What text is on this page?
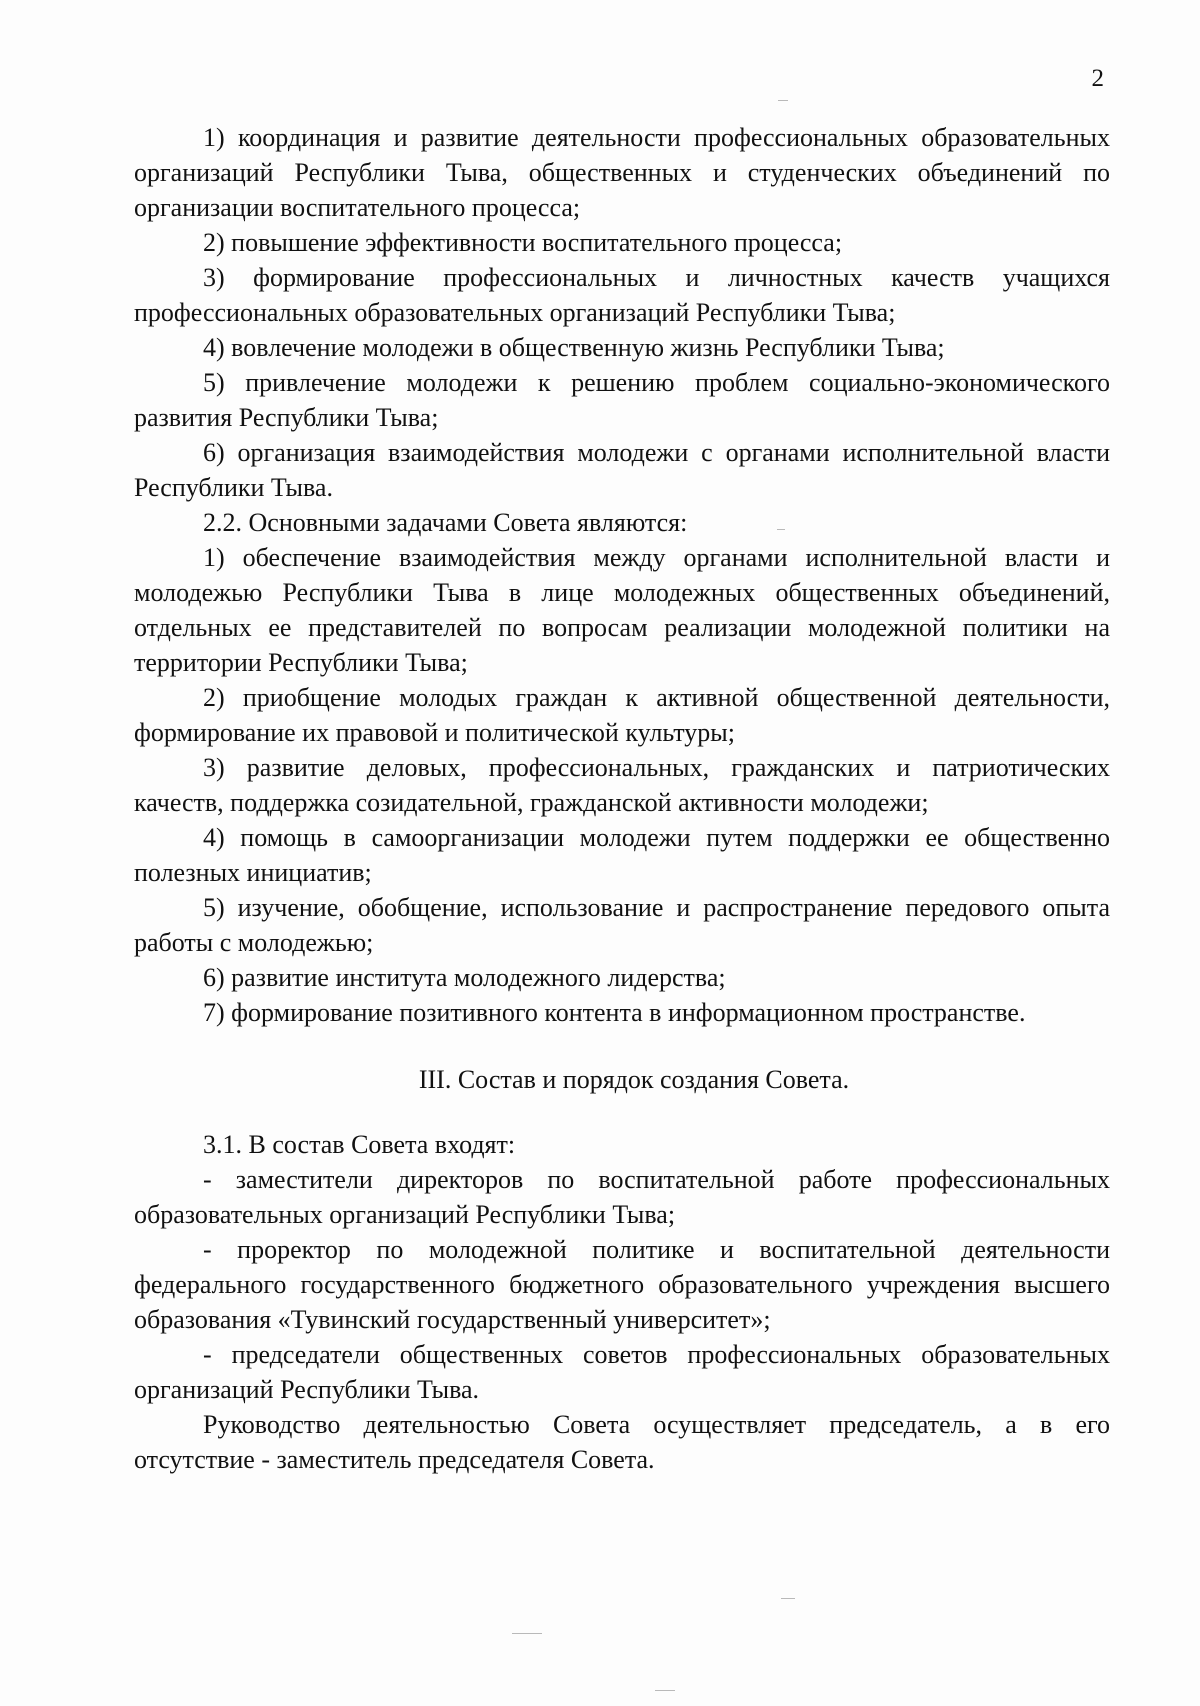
2

1) координация и развитие деятельности профессиональных образовательных организаций Республики Тыва, общественных и студенческих объединений по организации воспитательного процесса;

2) повышение эффективности воспитательного процесса;

3) формирование профессиональных и личностных качеств учащихся профессиональных образовательных организаций Республики Тыва;

4) вовлечение молодежи в общественную жизнь Республики Тыва;

5) привлечение молодежи к решению проблем социально-экономического развития Республики Тыва;

6) организация взаимодействия молодежи с органами исполнительной власти Республики Тыва.

2.2. Основными задачами Совета являются:

1) обеспечение взаимодействия между органами исполнительной власти и молодежью Республики Тыва в лице молодежных общественных объединений, отдельных ее представителей по вопросам реализации молодежной политики на территории Республики Тыва;

2) приобщение молодых граждан к активной общественной деятельности, формирование их правовой и политической культуры;

3) развитие деловых, профессиональных, гражданских и патриотических качеств, поддержка созидательной, гражданской активности молодежи;

4) помощь в самоорганизации молодежи путем поддержки ее общественно полезных инициатив;

5) изучение, обобщение, использование и распространение передового опыта работы с молодежью;

6) развитие института молодежного лидерства;

7) формирование позитивного контента в информационном пространстве.

III. Состав и порядок создания Совета.

3.1. В состав Совета входят:

- заместители директоров по воспитательной работе профессиональных образовательных организаций Республики Тыва;

- проректор по молодежной политике и воспитательной деятельности федерального государственного бюджетного образовательного учреждения высшего образования «Тувинский государственный университет»;

- председатели общественных советов профессиональных образовательных организаций Республики Тыва.

Руководство деятельностью Совета осуществляет председатель, а в его отсутствие - заместитель председателя Совета.
